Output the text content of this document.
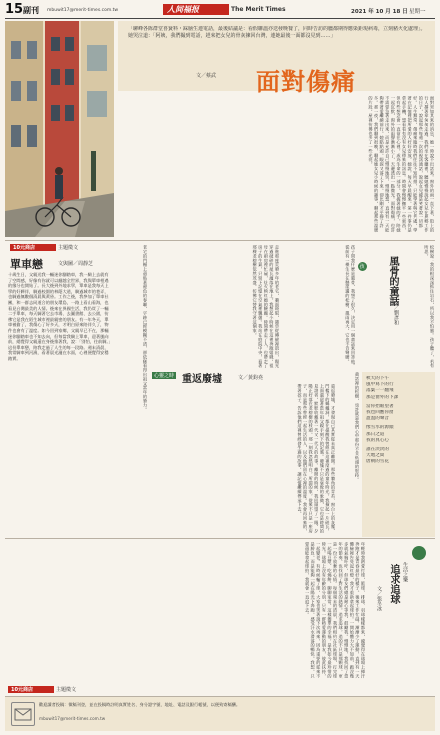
15 副刊 mbuwit17@merit-times.com.tw	人间福报	The Merit Times	2021 年 10 月 18 日 星期一
「聊峰各陈群堂喜簧料・踩脑生連電話，最後結議是：看假聯溫亦送發晚餐了，同時告訪的臘都期得應染鉅現病毒，立刻豬火化處理」。她哭泣道：「阿姨，我們撮到電話，趕來把女兒的骨灰揀回台灣，連她最後一面都沒見到……」
文／蔡武 面對傷痛
面對突如其來的消息，她一時說不出話來。窗外的雨一直下著，街上的行人撐著傘匆匆走過。我們坐在客廳裡，聽她慢慢說起女兒在異鄉工作的日子，說起那些每週一次的視訊通話，說起女兒總是笑著說一切都好。人生無常，傷痛來臨時我們往往不知所措，只能學著與它共處，學著在記憶裡把所愛的人好好安放。她說，每天早晨醒來，第一件事仍是拿起手機，想看看有沒有女兒傳來的訊息。時間會慢慢撫平一些東西，但有些想念會一直留在心裡，成為生命的一部分。我握著她的手，陪她一起沉默，窗外的雨聲漸漸小了，天邊透出一點微光。面對傷痛，也許不需要急著走出來，而是允許自己慢慢地哭、慢慢地想，直到有一天能夠帶著愛繼續前行。她點點頭，眼淚又落了下來，卻比剛才平靜了許多。那一夜，我們聊到很晚，聊起她女兒小時候的趣事，聊起那些溫暖的片段，屋裡彷彿也多了一些光亮。
10元商店	主題徵文
單車戀	文與圖／周靜芝
十歲生日，父親送我一輛迷你腳踏車，我一騎上去就有了空間感，好像有你就可以翻越全世界，我與單車相遇的緣分也開始了。長大後到外地求學，單車是我每天上學的好夥伴，騎過校園的林蔭大道，騎過城市的巷弄，也騎過無數個清晨與黃昏。工作之後，我參加了單車社團，和一群志同道合的朋友環島，一路上看山看海，也看見台灣最美的人情。後來在異國生活，我仍買了一輛二手單車，每天騎著它去市場、去圖書館、去公園，彷彿它是我在陌生城市裡最親密的朋友。有一年冬天，單車被偷了，我傷心了好多天，才明白原來陪伴久了，物件也會有了溫度。如今回到家鄉，父親早已不在，那輛迷你腳踏車也不知去向，但每當我騎上單車，迎著風向前，總覺得父親還在身後推著我，說：「別怕，往前騎。」這份單車戀，陪我走過了人生的每一段路。週末清晨，我常騎車到河濱，看著晨光灑在水面，心裡便覺得安穩踏實。	走進那座荒廢多年的老宅，牆面斑駁，雜草從磚縫裡竄出，陽光穿過破碎的屋瓦灑落在地上。我想起小時候在這裡奔跑嬉戲，祖母在廚房裡忙碌，灶火映紅她的臉龐。時間帶走了人，也帶走了房子的生氣，只留下記憶在空氣裡飄盪。我站在庭院中央，看著那棵老榕樹依然茂盛，彷彿它替我守著這個家。
老宅的門楣上還貼著褪色的春聯，字跡已經模糊不清，卻依稀看得出祖父當年的筆力。	心靈之時 重返廢墟	文／黃鈞堯
重返廢墟，才發現自己其實從未真正離開。那些牆角的青苔、窗台上的灰塵、門檻下的螞蟻洞，都在提醒我曾經在這裡度過的童年時光。我撿起一片碎瓦，上面還留著當年祖父親手刻下的記號。廢墟不只是衰敗的象徵，它也是時間的見證者，默默收藏著一代又一代人的故事。離開的時候，我回頭望了一眼，夕陽正好落在老榕樹的枝頭，那一刻我忽然明白，所謂的家，從來不只是一座房子，而是那些曾經一起生活的人，以及他們留在心裡的溫度。我會再回來的，帶著孩子，告訴他們這裡曾經發生過的故事，讓記憶繼續傳承下去。
孩子問我什麼是風骨，我想了很久，決定用一個童話來回答他。從前有一棵生長在懸崖邊的松樹，風雨再大，它也不肯彎腰。	孩	風骨的童話
文／劉彥和	松樹說：我的根深深抓住岩石，所以我不怕風。孩子聽了，若有所思。
秋天的下午
風中寫下的行
落葉一一翻飛
那是窗外的下課
當你抬眼望著
我也回應你窗
盈盈的聲音
像雪水的源頭
那日之道
我的真心心
誰在淡淡的
天地之間
唐朝的雪花
童話裡的松樹，也許就是我們心中那份不肯低頭的堅持。
年輕時我熱愛打球，籃球、排球、羽球樣樣都來，總覺得在球場上揮汗奔跑才是青春最好的樣子。後來工作忙碌，漸漸少了運動，直到有一天體檢報告亮起紅燈，我才重新拿起球拍。一開始體力大不如前，跑沒幾步就氣喘吁吁，但球友們總是耐心等我、鼓勵我。慢慢地，我找回了當年的節奏，也找回了對生活的熱情。追求追球，追的不只是那顆球，更是一份不放棄的心情。每個週末的清晨，我們相約在社區球場，打完球一起喝豆漿、吃燒餅，聊聊家常，這樣簡單的幸福，是我如今最珍惜的時光。球場上沒有年齡的分別，只有一群熱愛運動的朋友，彼此扶持，一起變老。有時候輸了球，大家也笑著說下次再來，因為重要的從來不是勝負，而是能夠一起在陽光下奔跑，感受汗水滑落的暢快。我想，只要還能拿起球拍，我就會一直追下去。	生活之樂
追求追球
文／張冬冰
10元商店	主題徵文
歡迎讀者投稿：徵稿刊登，並在投稿時註明真實姓名、身分證字號、地址、電話及銀行帳號，以便致寄稿酬。
mbuwit17@merit-times.com.tw
